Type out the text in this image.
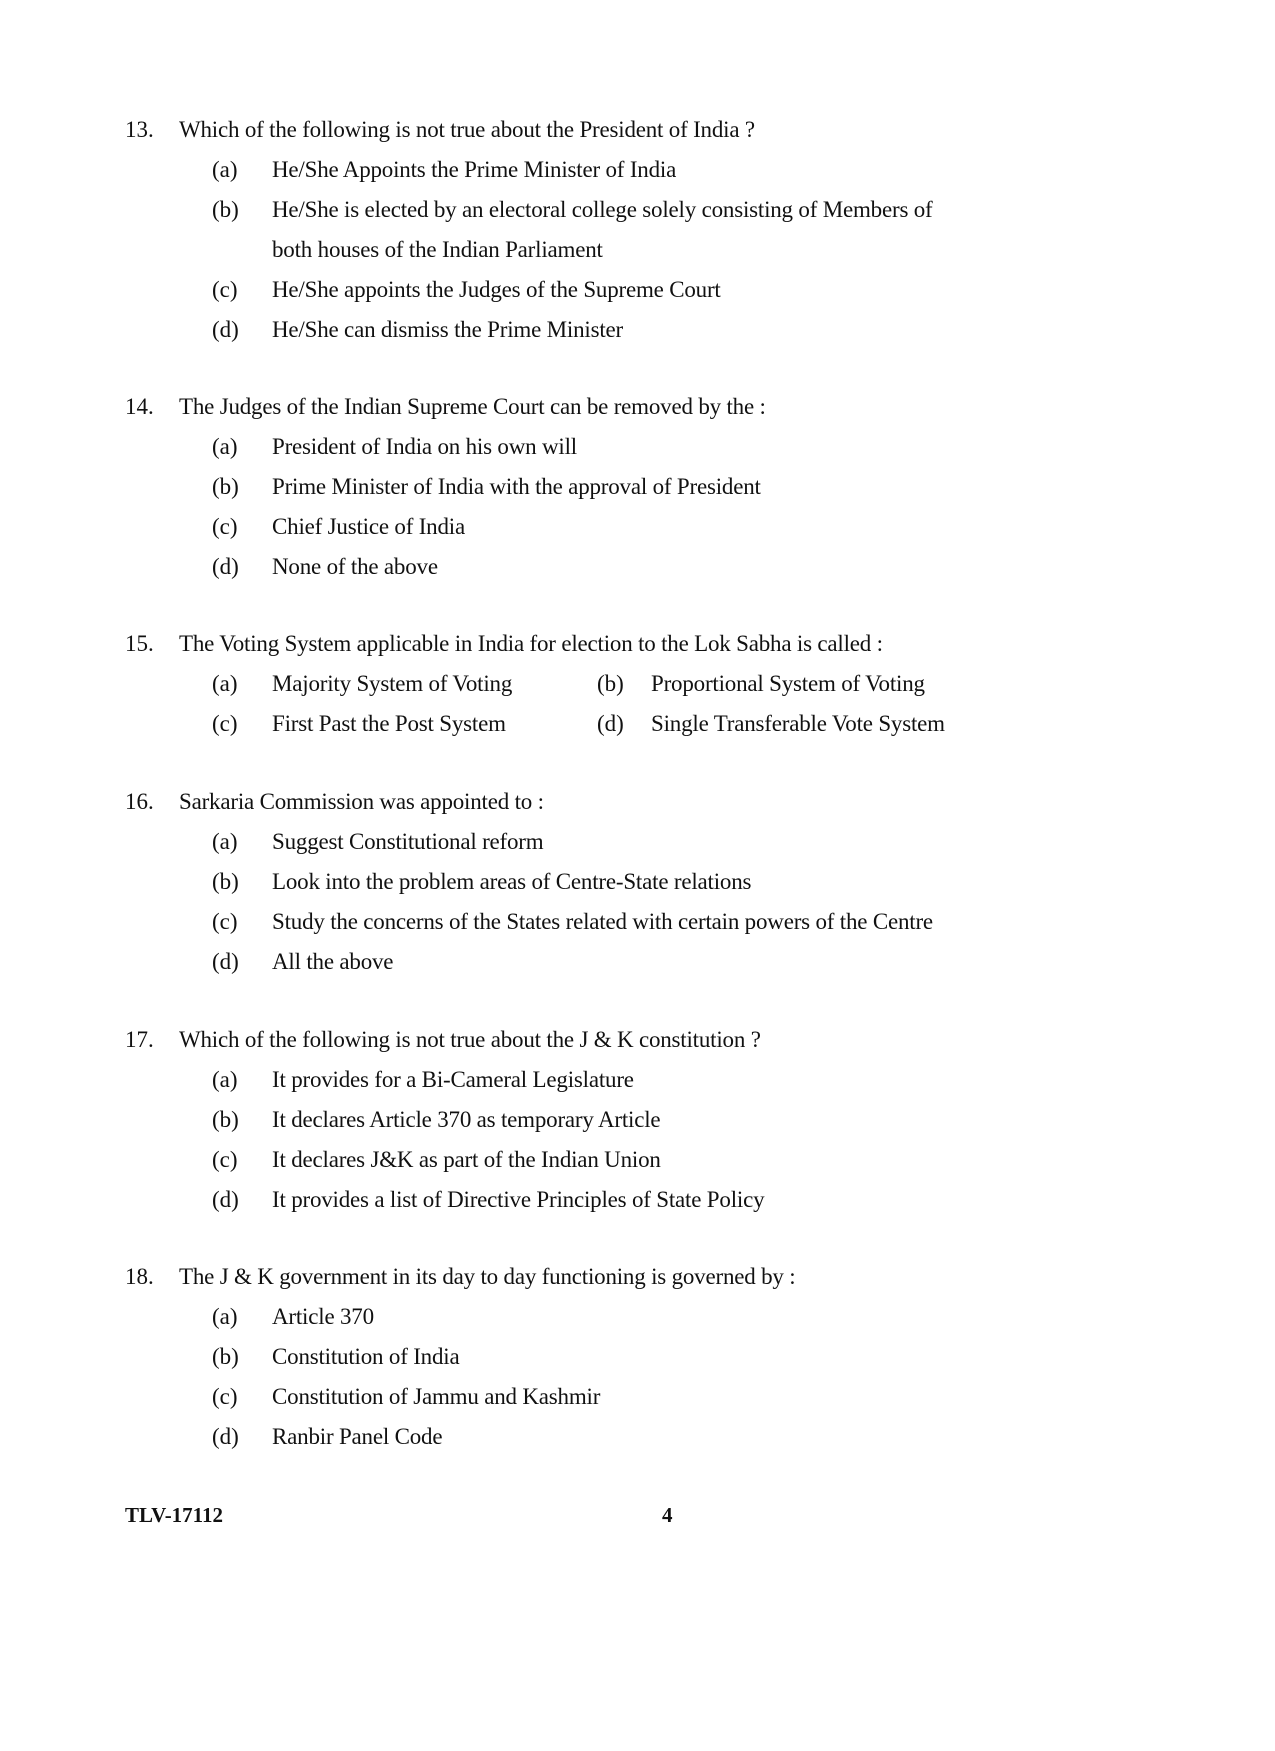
13. Which of the following is not true about the President of India ?
(a) He/She Appoints the Prime Minister of India
(b) He/She is elected by an electoral college solely consisting of Members of both houses of the Indian Parliament
(c) He/She appoints the Judges of the Supreme Court
(d) He/She can dismiss the Prime Minister
14. The Judges of the Indian Supreme Court can be removed by the :
(a) President of India on his own will
(b) Prime Minister of India with the approval of President
(c) Chief Justice of India
(d) None of the above
15. The Voting System applicable in India for election to the Lok Sabha is called :
(a) Majority System of Voting	(b) Proportional System of Voting
(c) First Past the Post System	(d) Single Transferable Vote System
16. Sarkaria Commission was appointed to :
(a) Suggest Constitutional reform
(b) Look into the problem areas of Centre-State relations
(c) Study the concerns of the States related with certain powers of the Centre
(d) All the above
17. Which of the following is not true about the J & K constitution ?
(a) It provides for a Bi-Cameral Legislature
(b) It declares Article 370 as temporary Article
(c) It declares J&K as part of the Indian Union
(d) It provides a list of Directive Principles of State Policy
18. The J & K government in its day to day functioning is governed by :
(a) Article 370
(b) Constitution of India
(c) Constitution of Jammu and Kashmir
(d) Ranbir Panel Code
TLV-17112	4
